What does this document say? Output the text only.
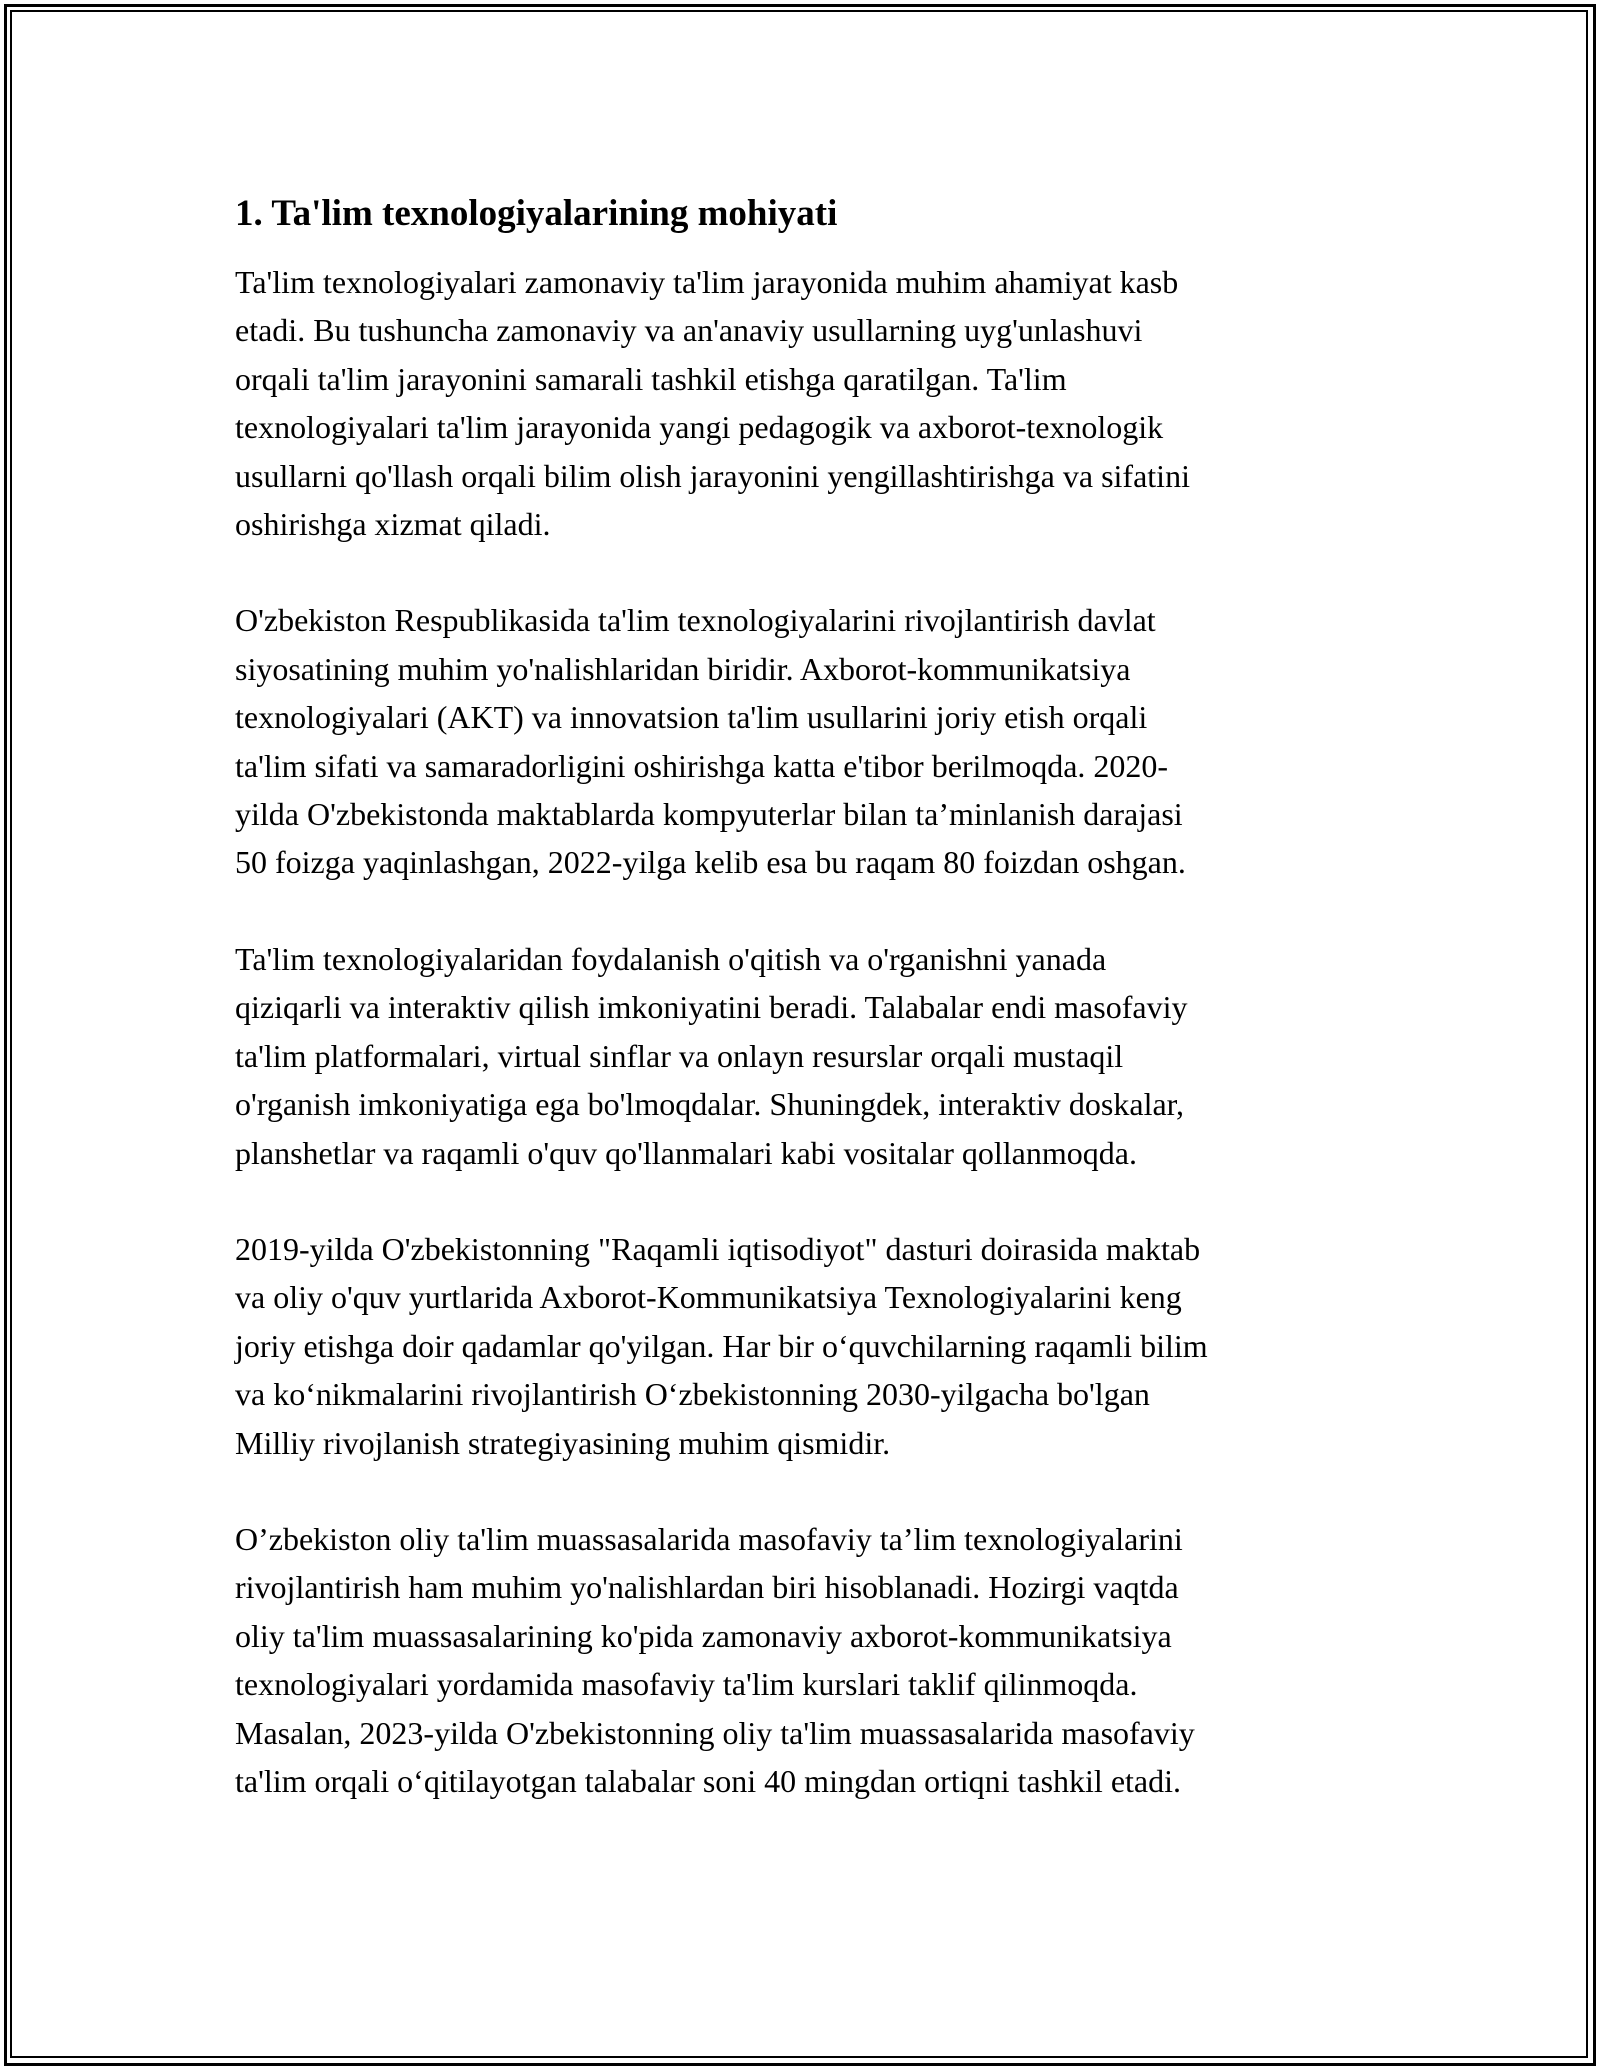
1. Ta'lim texnologiyalarining mohiyati
Ta'lim texnologiyalari zamonaviy ta'lim jarayonida muhim ahamiyat kasb
etadi. Bu tushuncha zamonaviy va an'anaviy usullarning uyg'unlashuvi
orqali ta'lim jarayonini samarali tashkil etishga qaratilgan. Ta'lim
texnologiyalari ta'lim jarayonida yangi pedagogik va axborot-texnologik
usullarni qo'llash orqali bilim olish jarayonini yengillashtirishga va sifatini
oshirishga xizmat qiladi.
O'zbekiston Respublikasida ta'lim texnologiyalarini rivojlantirish davlat
siyosatining muhim yo'nalishlaridan biridir. Axborot-kommunikatsiya
texnologiyalari (AKT) va innovatsion ta'lim usullarini joriy etish orqali
ta'lim sifati va samaradorligini oshirishga katta e'tibor berilmoqda. 2020-
yilda O'zbekistonda maktablarda kompyuterlar bilan ta’minlanish darajasi
50 foizga yaqinlashgan, 2022-yilga kelib esa bu raqam 80 foizdan oshgan.
Ta'lim texnologiyalaridan foydalanish o'qitish va o'rganishni yanada
qiziqarli va interaktiv qilish imkoniyatini beradi. Talabalar endi masofaviy
ta'lim platformalari, virtual sinflar va onlayn resurslar orqali mustaqil
o'rganish imkoniyatiga ega bo'lmoqdalar. Shuningdek, interaktiv doskalar,
planshetlar va raqamli o'quv qo'llanmalari kabi vositalar qollanmoqda.
2019-yilda O'zbekistonning "Raqamli iqtisodiyot" dasturi doirasida maktab
va oliy o'quv yurtlarida Axborot-Kommunikatsiya Texnologiyalarini keng
joriy etishga doir qadamlar qo'yilgan. Har bir o‘quvchilarning raqamli bilim
va ko‘nikmalarini rivojlantirish O‘zbekistonning 2030-yilgacha bo'lgan
Milliy rivojlanish strategiyasining muhim qismidir.
O’zbekiston oliy ta'lim muassasalarida masofaviy ta’lim texnologiyalarini
rivojlantirish ham muhim yo'nalishlardan biri hisoblanadi. Hozirgi vaqtda
oliy ta'lim muassasalarining ko'pida zamonaviy axborot-kommunikatsiya
texnologiyalari yordamida masofaviy ta'lim kurslari taklif qilinmoqda.
Masalan, 2023-yilda O'zbekistonning oliy ta'lim muassasalarida masofaviy
ta'lim orqali o‘qitilayotgan talabalar soni 40 mingdan ortiqni tashkil etadi.
